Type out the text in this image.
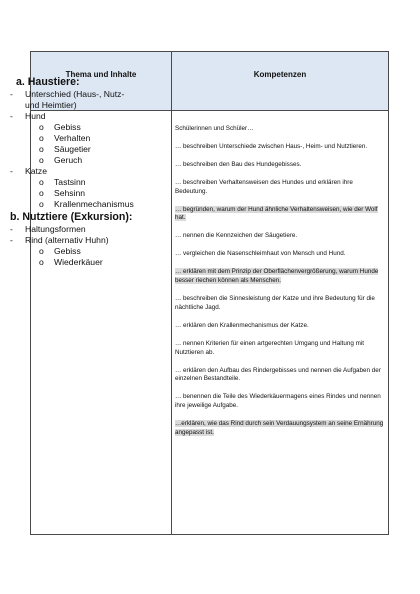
Thema und Inhalte	Kompetenzen
a. Haustiere:
- Unterschied (Haus-, Nutz- und Heimtier)
- Hund
o Gebiss
o Verhalten
o Säugetier
o Geruch
- Katze
o Tastsinn
o Sehsinn
o Krallenmechanismus
b. Nutztiere (Exkursion):
- Haltungsformen
- Rind (alternativ Huhn)
o Gebiss
o Wiederkäuer
Schülerinnen und Schüler…
… beschreiben Unterschiede zwischen Haus-, Heim- und Nutztieren.
… beschreiben den Bau des Hundegebisses.
… beschreiben Verhaltensweisen des Hundes und erklären ihre Bedeutung.
… begründen, warum der Hund ähnliche Verhaltensweisen, wie der Wolf hat.
… nennen die Kennzeichen der Säugetiere.
… vergleichen die Nasenschleimhaut von Mensch und Hund.
… erklären mit dem Prinzip der Oberflächenvergrößerung, warum Hunde besser riechen können als Menschen.
… beschreiben die Sinnesleistung der Katze und ihre Bedeutung für die nächtliche Jagd.
… erklären den Krallenmechanismus der Katze.
… nennen Kriterien für einen artgerechten Umgang und Haltung mit Nutztieren ab.
… erklären den Aufbau des Rindergebisses und nennen die Aufgaben der einzelnen Bestandteile.
… benennen die Teile des Wiederkäuermagens eines Rindes und nennen ihre jeweilige Aufgabe.
…erklären, wie das Rind durch sein Verdauungsystem an seine Ernährung angepasst ist.
